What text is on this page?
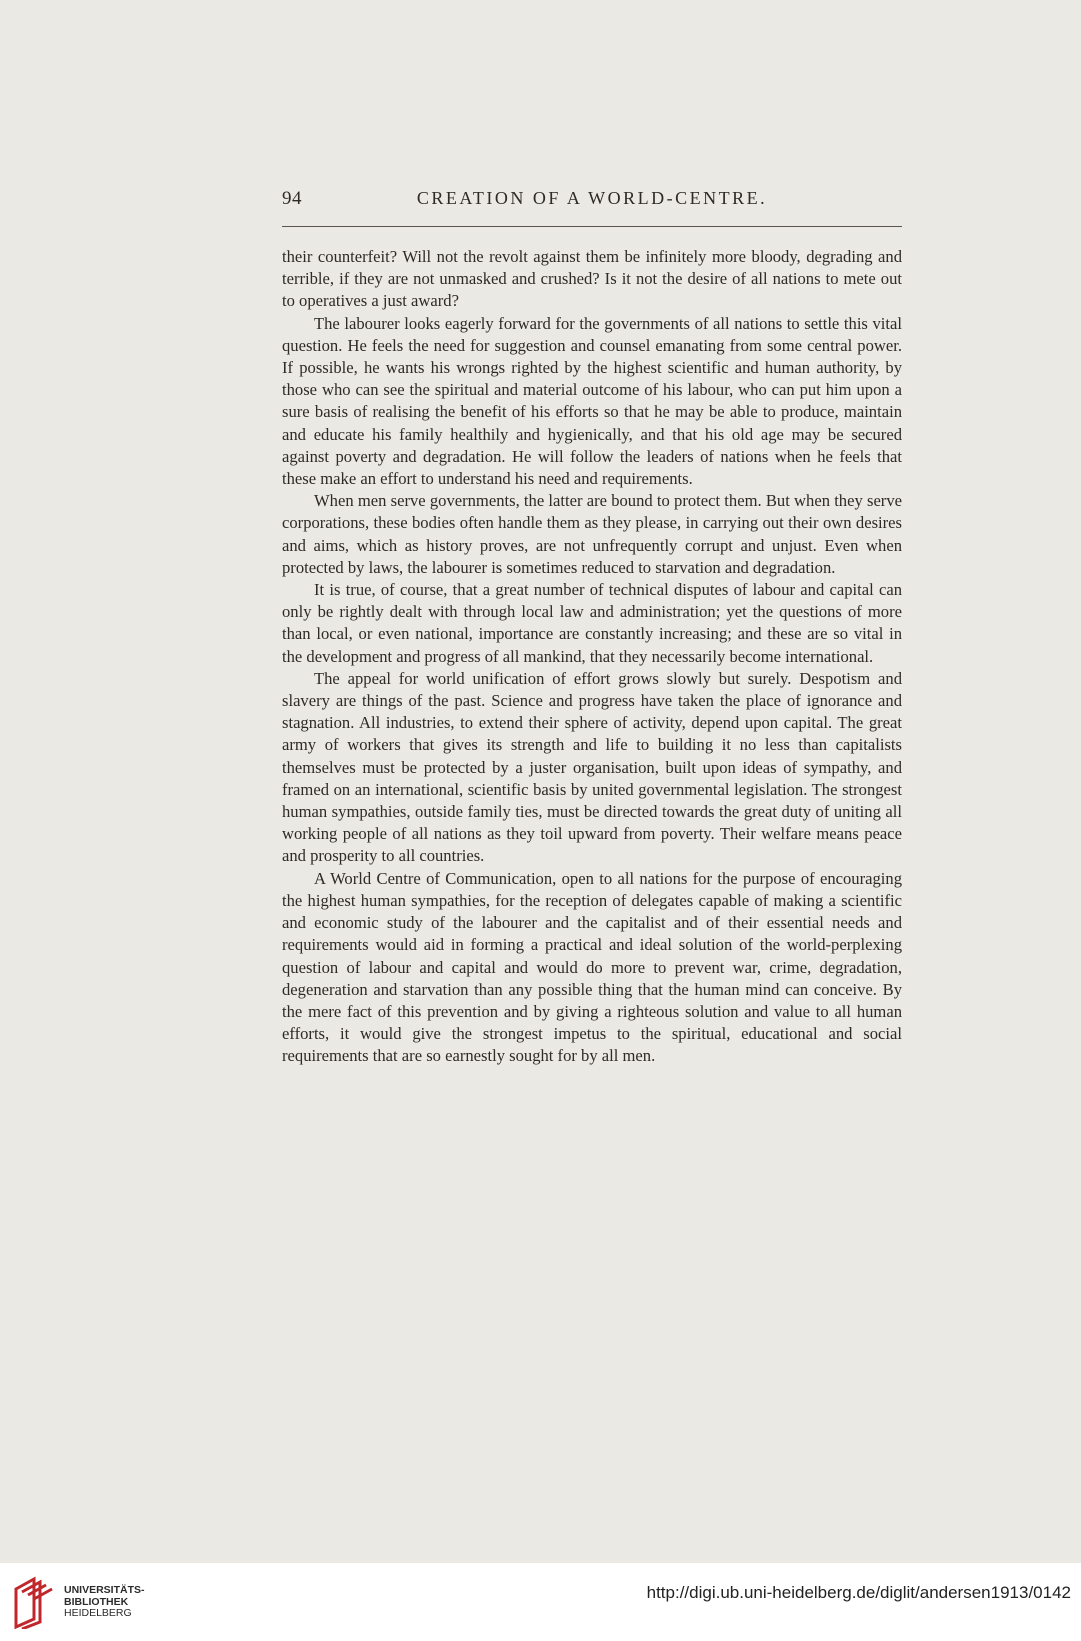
94	CREATION OF A WORLD-CENTRE.

their counterfeit? Will not the revolt against them be infinitely more bloody, degrading and terrible, if they are not unmasked and crushed? Is it not the desire of all nations to mete out to operatives a just award?

The labourer looks eagerly forward for the governments of all nations to settle this vital question. He feels the need for suggestion and counsel emanating from some central power. If possible, he wants his wrongs righted by the highest scientific and human authority, by those who can see the spiritual and material outcome of his labour, who can put him upon a sure basis of realising the benefit of his efforts so that he may be able to produce, maintain and educate his family healthily and hygienically, and that his old age may be secured against poverty and degradation. He will follow the leaders of nations when he feels that these make an effort to understand his need and requirements.

When men serve governments, the latter are bound to protect them. But when they serve corporations, these bodies often handle them as they please, in carrying out their own desires and aims, which as history proves, are not unfrequently corrupt and unjust. Even when protected by laws, the labourer is sometimes reduced to starvation and degradation.

It is true, of course, that a great number of technical disputes of labour and capital can only be rightly dealt with through local law and administration; yet the questions of more than local, or even national, importance are constantly increasing; and these are so vital in the development and progress of all mankind, that they necessarily become international.

The appeal for world unification of effort grows slowly but surely. Despotism and slavery are things of the past. Science and progress have taken the place of ignorance and stagnation. All industries, to extend their sphere of activity, depend upon capital. The great army of workers that gives its strength and life to building it no less than capitalists themselves must be protected by a juster organisation, built upon ideas of sympathy, and framed on an international, scientific basis by united governmental legislation. The strongest human sympathies, outside family ties, must be directed towards the great duty of uniting all working people of all nations as they toil upward from poverty. Their welfare means peace and prosperity to all countries.

A World Centre of Communication, open to all nations for the purpose of encouraging the highest human sympathies, for the reception of delegates capable of making a scientific and economic study of the labourer and the capitalist and of their essential needs and requirements would aid in forming a practical and ideal solution of the world-perplexing question of labour and capital and would do more to prevent war, crime, degradation, degeneration and starvation than any possible thing that the human mind can conceive. By the mere fact of this prevention and by giving a righteous solution and value to all human efforts, it would give the strongest impetus to the spiritual, educational and social requirements that are so earnestly sought for by all men.

UNIVERSITÄTS-
BIBLIOTHEK
HEIDELBERG
http://digi.ub.uni-heidelberg.de/diglit/andersen1913/0142
